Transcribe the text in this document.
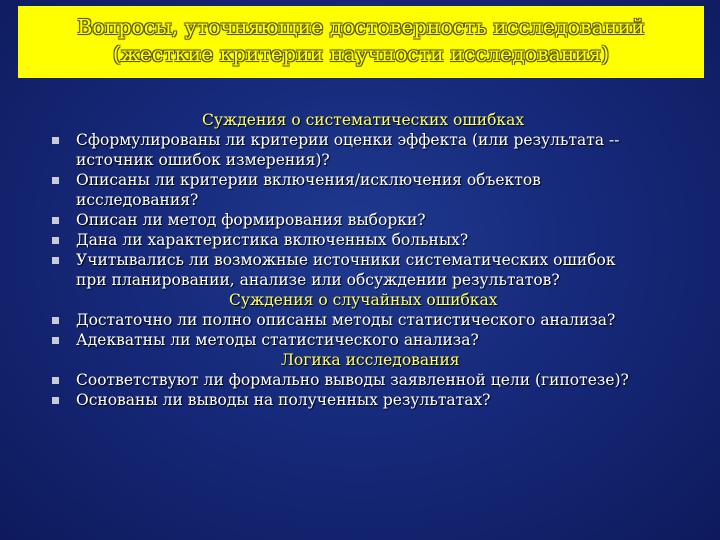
Вопросы, уточняющие достоверность исследований
(жесткие критерии научности исследования)
Суждения о систематических ошибках
Сформулированы ли критерии оценки эффекта (или результата --
источник ошибок измерения)?
Описаны ли критерии включения/исключения объектов
исследования?
Описан ли метод формирования выборки?
Дана ли характеристика включенных больных?
Учитывались ли возможные источники систематических ошибок
при планировании, анализе или обсуждении результатов?
Суждения о случайных ошибках
Достаточно ли полно описаны методы статистического анализа?
Адекватны ли методы статистического анализа?
Логика исследования
Соответствуют ли формально выводы заявленной цели (гипотезе)?
Основаны ли выводы на полученных результатах?
